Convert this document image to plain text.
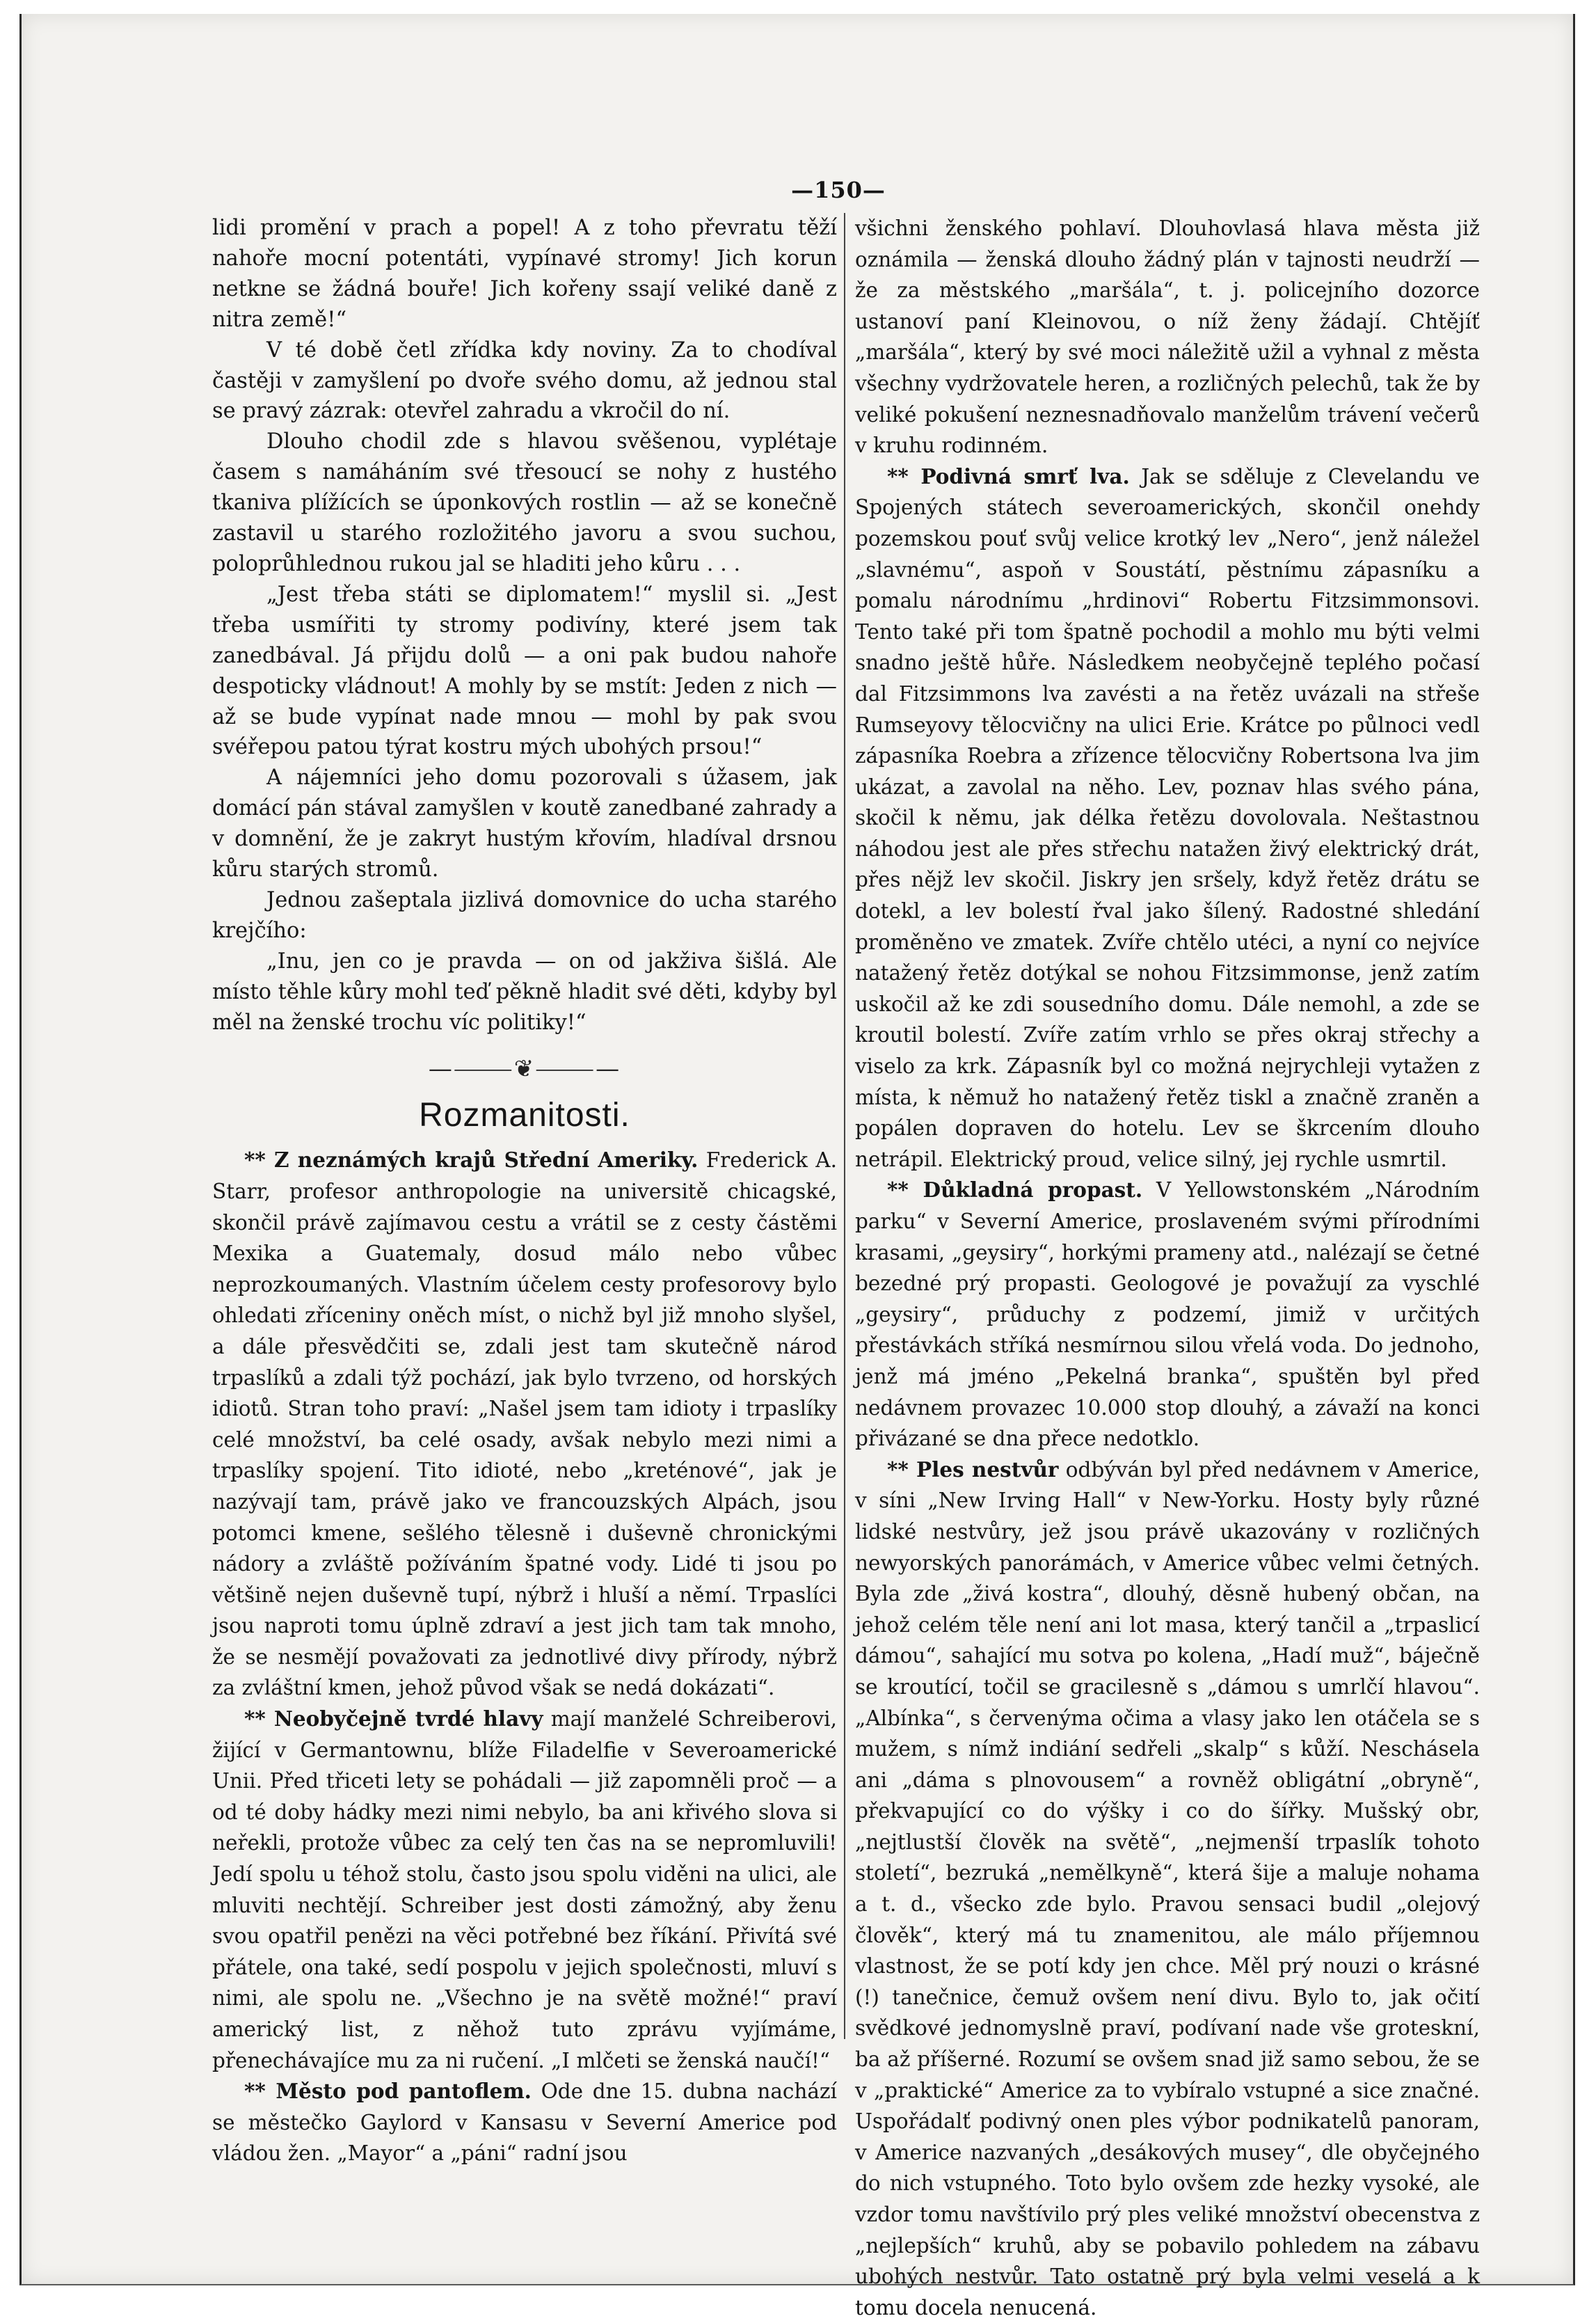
—150—

lidi promění v prach a popel! A z toho převratu těží nahoře mocní potentáti, vypínavé stromy! Jich korun netkne se žádná bouře! Jich kořeny ssají veliké daně z nitra země!“

V té době četl zřídka kdy noviny. Za to chodíval častěji v zamyšlení po dvoře svého domu, až jednou stal se pravý zázrak: otevřel zahradu a vkročil do ní.

Dlouho chodil zde s hlavou svěšenou, vyplétaje časem s namáháním své třesoucí se nohy z hustého tkaniva plížících se úponkových rostlin — až se konečně zastavil u starého rozložitého javoru a svou suchou, poloprůhlednou rukou jal se hladiti jeho kůru . . .

„Jest třeba státi se diplomatem!“ myslil si. „Jest třeba usmířiti ty stromy podivíny, které jsem tak zanedbával. Já přijdu dolů — a oni pak budou nahoře despoticky vládnout! A mohly by se mstít: Jeden z nich — až se bude vypínat nade mnou — mohl by pak svou svéřepou patou týrat kostru mých ubohých prsou!“

A nájemníci jeho domu pozorovali s úžasem, jak domácí pán stával zamyšlen v koutě zanedbané zahrady a v domnění, že je zakryt hustým křovím, hladíval drsnou kůru starých stromů.

Jednou zašeptala jizlivá domovnice do ucha starého krejčího:

„Inu, jen co je pravda — on od jakživa šišlá. Ale místo těhle kůry mohl teď pěkně hladit své děti, kdyby byl měl na ženské trochu víc politiky!“

—⸻❦⸻—
Rozmanitosti.

** Z neznámých krajů Střední Ameriky. Frederick A. Starr, profesor anthropologie na universitě chicagské, skončil právě zajímavou cestu a vrátil se z cesty částěmi Mexika a Guatemaly, dosud málo nebo vůbec neprozkoumaných. Vlastním účelem cesty profesorovy bylo ohledati zříceniny oněch míst, o nichž byl již mnoho slyšel, a dále přesvědčiti se, zdali jest tam skutečně národ trpaslíků a zdali týž pochází, jak bylo tvrzeno, od horských idiotů. Stran toho praví: „Našel jsem tam idioty i trpaslíky celé množství, ba celé osady, avšak nebylo mezi nimi a trpaslíky spojení. Tito idioté, nebo „kreténové“, jak je nazývají tam, právě jako ve francouzských Alpách, jsou potomci kmene, sešlého tělesně i duševně chronickými nádory a zvláště požíváním špatné vody. Lidé ti jsou po většině nejen duševně tupí, nýbrž i hluší a němí. Trpaslíci jsou naproti tomu úplně zdraví a jest jich tam tak mnoho, že se nesmějí považovati za jednotlivé divy přírody, nýbrž za zvláštní kmen, jehož původ však se nedá dokázati“.

** Neobyčejně tvrdé hlavy mají manželé Schreiberovi, žijící v Germantownu, blíže Filadelfie v Severoamerické Unii. Před třiceti lety se pohádali — již zapomněli proč — a od té doby hádky mezi nimi nebylo, ba ani křivého slova si neřekli, protože vůbec za celý ten čas na se nepromluvili! Jedí spolu u téhož stolu, často jsou spolu viděni na ulici, ale mluviti nechtějí. Schreiber jest dosti zámožný, aby ženu svou opatřil penězi na věci potřebné bez říkání. Přivítá své přátele, ona také, sedí pospolu v jejich společnosti, mluví s nimi, ale spolu ne. „Všechno je na světě možné!“ praví americký list, z něhož tuto zprávu vyjímáme, přenechávajíce mu za ni ručení. „I mlčeti se ženská naučí!“

** Město pod pantoflem. Ode dne 15. dubna nachází se městečko Gaylord v Kansasu v Severní Americe pod vládou žen. „Mayor“ a „páni“ radní jsou

všichni ženského pohlaví. Dlouhovlasá hlava města již oznámila — ženská dlouho žádný plán v tajnosti neudrží — že za městského „maršála“, t. j. policejního dozorce ustanoví paní Kleinovou, o níž ženy žádají. Chtějíť „maršála“, který by své moci náležitě užil a vyhnal z města všechny vydržovatele heren, a rozličných pelechů, tak že by veliké pokušení neznesnadňovalo manželům trávení večerů v kruhu rodinném.

** Podivná smrť lva. Jak se sděluje z Clevelandu ve Spojených státech severoamerických, skončil onehdy pozemskou pouť svůj velice krotký lev „Nero“, jenž náležel „slavnému“, aspoň v Soustátí, pěstnímu zápasníku a pomalu národnímu „hrdinovi“ Robertu Fitzsimmonsovi. Tento také při tom špatně pochodil a mohlo mu býti velmi snadno ještě hůře. Následkem neobyčejně teplého počasí dal Fitzsimmons lva zavésti a na řetěz uvázali na střeše Rumseyovy tělocvičny na ulici Erie. Krátce po půlnoci vedl zápasníka Roebra a zřízence tělocvičny Robertsona lva jim ukázat, a zavolal na něho. Lev, poznav hlas svého pána, skočil k němu, jak délka řetězu dovolovala. Neštastnou náhodou jest ale přes střechu natažen živý elektrický drát, přes nějž lev skočil. Jiskry jen sršely, když řetěz drátu se dotekl, a lev bolestí řval jako šílený. Radostné shledání proměněno ve zmatek. Zvíře chtělo utéci, a nyní co nejvíce natažený řetěz dotýkal se nohou Fitzsimmonse, jenž zatím uskočil až ke zdi sousedního domu. Dále nemohl, a zde se kroutil bolestí. Zvíře zatím vrhlo se přes okraj střechy a viselo za krk. Zápasník byl co možná nejrychleji vytažen z místa, k němuž ho natažený řetěz tiskl a značně zraněn a popálen dopraven do hotelu. Lev se škrcením dlouho netrápil. Elektrický proud, velice silný, jej rychle usmrtil.

** Důkladná propast. V Yellowstonském „Národním parku“ v Severní Americe, proslaveném svými přírodními krasami, „geysiry“, horkými prameny atd., nalézají se četné bezedné prý propasti. Geologové je považují za vyschlé „geysiry“, průduchy z podzemí, jimiž v určitých přestávkách stříká nesmírnou silou vřelá voda. Do jednoho, jenž má jméno „Pekelná branka“, spuštěn byl před nedávnem provazec 10.000 stop dlouhý, a závaží na konci přivázané se dna přece nedotklo.

** Ples nestvůr odbýván byl před nedávnem v Americe, v síni „New Irving Hall“ v New-Yorku. Hosty byly různé lidské nestvůry, jež jsou právě ukazovány v rozličných newyorských panorámách, v Americe vůbec velmi četných. Byla zde „živá kostra“, dlouhý, děsně hubený občan, na jehož celém těle není ani lot masa, který tančil a „trpaslicí dámou“, sahající mu sotva po kolena, „Hadí muž“, báječně se kroutící, točil se gracilesně s „dámou s umrlčí hlavou“. „Albínka“, s červenýma očima a vlasy jako len otáčela se s mužem, s nímž indiání sedřeli „skalp“ s kůží. Neschásela ani „dáma s plnovousem“ a rovněž obligátní „obryně“, překvapující co do výšky i co do šířky. Mušský obr, „nejtlustší člověk na světě“, „nejmenší trpaslík tohoto století“, bezruká „nemělkyně“, která šije a maluje nohama a t. d., všecko zde bylo. Pravou sensaci budil „olejový člověk“, který má tu znamenitou, ale málo příjemnou vlastnost, že se potí kdy jen chce. Měl prý nouzi o krásné (!) tanečnice, čemuž ovšem není divu. Bylo to, jak očití svědkové jednomyslně praví, podívaní nade vše groteskní, ba až příšerné. Rozumí se ovšem snad již samo sebou, že se v „praktické“ Americe za to vybíralo vstupné a sice značné. Uspořádalť podivný onen ples výbor podnikatelů panoram, v Americe nazvaných „desákových musey“, dle obyčejného do nich vstupného. Toto bylo ovšem zde hezky vysoké, ale vzdor tomu navštívilo prý ples veliké množství obecenstva z „nejlepších“ kruhů, aby se pobavilo pohledem na zábavu ubohých nestvůr. Tato ostatně prý byla velmi veselá a k tomu docela nenucená.
